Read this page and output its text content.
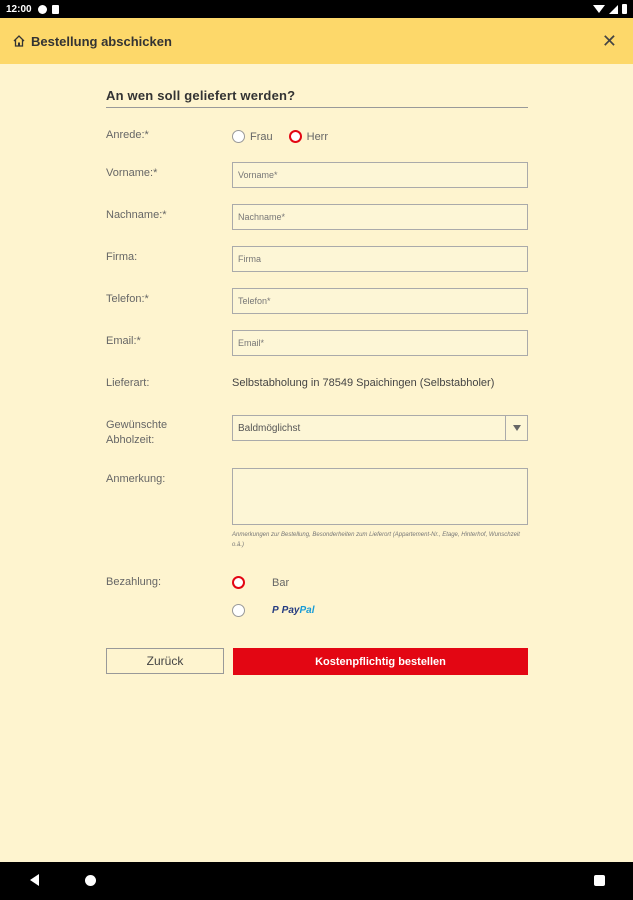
12:00
Bestellung abschicken	✕
An wen soll geliefert werden?
Anrede:*	Frau	Herr
Vorname:*
Vorname*
Nachname:*
Nachname*
Firma:
Firma
Telefon:*
Telefon*
Email:*
Email*
Lieferart:	Selbstabholung in 78549 Spaichingen (Selbstabholer)
Gewünschte
Abholzeit:
Baldmöglichst
Anmerkung:
Anmerkungen zur Bestellung, Besonderheiten zum Lieferort (Appartement-Nr., Etage, Hinterhof, Wunschzeit o.ä.)
Bezahlung:	Bar
P PayPal
Zurück	Kostenpflichtig bestellen
